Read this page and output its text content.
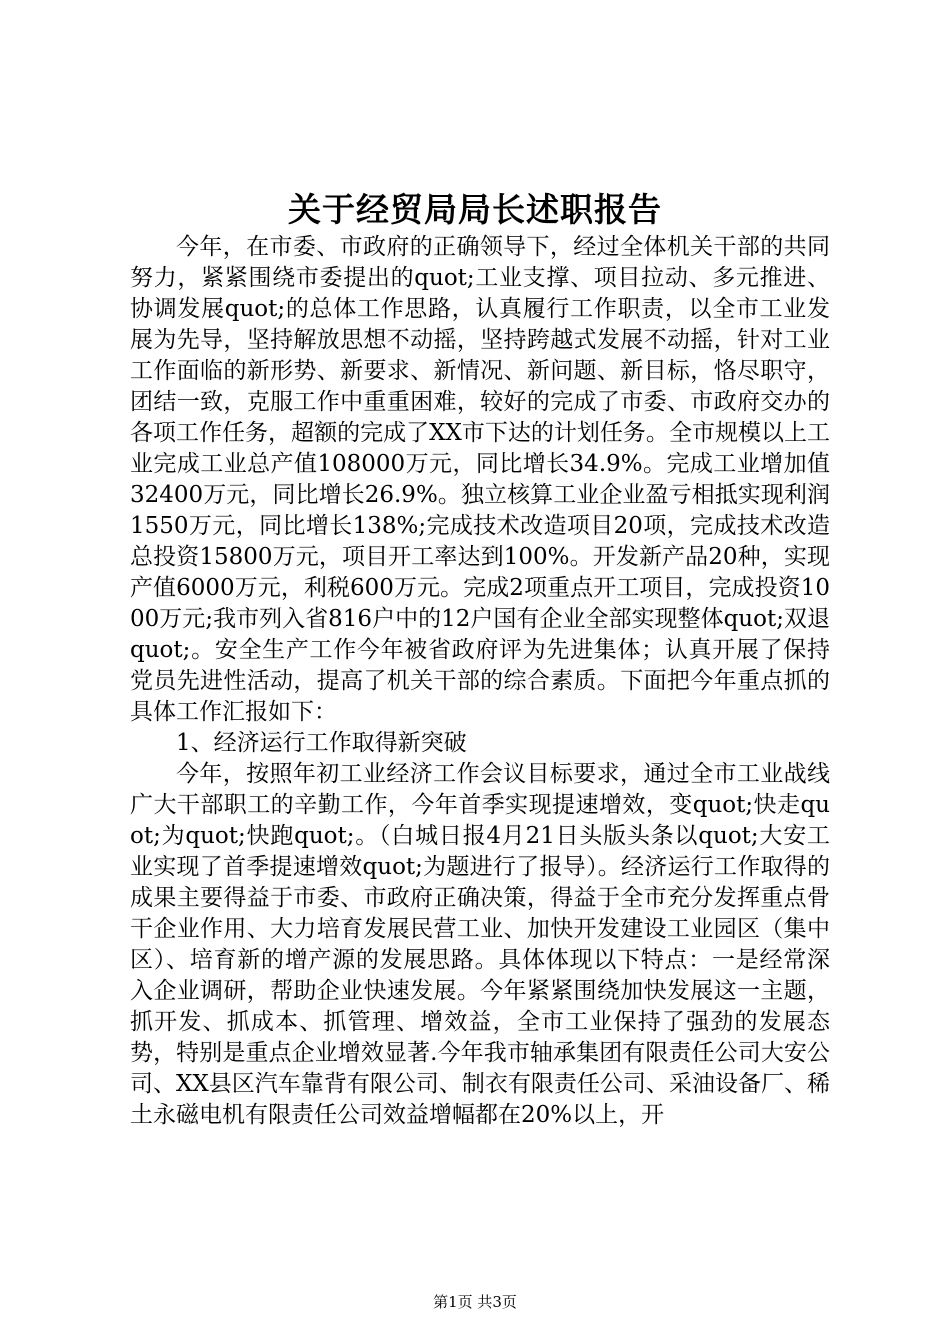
关于经贸局局长述职报告

今年，在市委、市政府的正确领导下，经过全体机关干部的共同努力，紧紧围绕市委提出的quot;工业支撑、项目拉动、多元推进、协调发展quot;的总体工作思路，认真履行工作职责，以全市工业发展为先导，坚持解放思想不动摇，坚持跨越式发展不动摇，针对工业工作面临的新形势、新要求、新情况、新问题、新目标，恪尽职守，团结一致，克服工作中重重困难，较好的完成了市委、市政府交办的各项工作任务，超额的完成了XX市下达的计划任务。全市规模以上工业完成工业总产值108000万元，同比增长34.9%。完成工业增加值32400万元，同比增长26.9%。独立核算工业企业盈亏相抵实现利润1550万元，同比增长138%;完成技术改造项目20项，完成技术改造总投资15800万元，项目开工率达到100%。开发新产品20种，实现产值6000万元，利税600万元。完成2项重点开工项目，完成投资1000万元;我市列入省816户中的12户国有企业全部实现整体quot;双退quot;。安全生产工作今年被省政府评为先进集体；认真开展了保持党员先进性活动，提高了机关干部的综合素质。下面把今年重点抓的具体工作汇报如下：

1、经济运行工作取得新突破

今年，按照年初工业经济工作会议目标要求，通过全市工业战线广大干部职工的辛勤工作，今年首季实现提速增效，变quot;快走quot;为quot;快跑quot;。（白城日报4月21日头版头条以quot;大安工业实现了首季提速增效quot;为题进行了报导）。经济运行工作取得的成果主要得益于市委、市政府正确决策，得益于全市充分发挥重点骨干企业作用、大力培育发展民营工业、加快开发建设工业园区（集中区）、培育新的增产源的发展思路。具体体现以下特点：一是经常深入企业调研，帮助企业快速发展。今年紧紧围绕加快发展这一主题，抓开发、抓成本、抓管理、增效益，全市工业保持了强劲的发展态势，特别是重点企业增效显著.今年我市轴承集团有限责任公司大安公司、XX县区汽车靠背有限公司、制衣有限责任公司、采油设备厂、稀土永磁电机有限责任公司效益增幅都在20%以上，开

第1页 共3页
